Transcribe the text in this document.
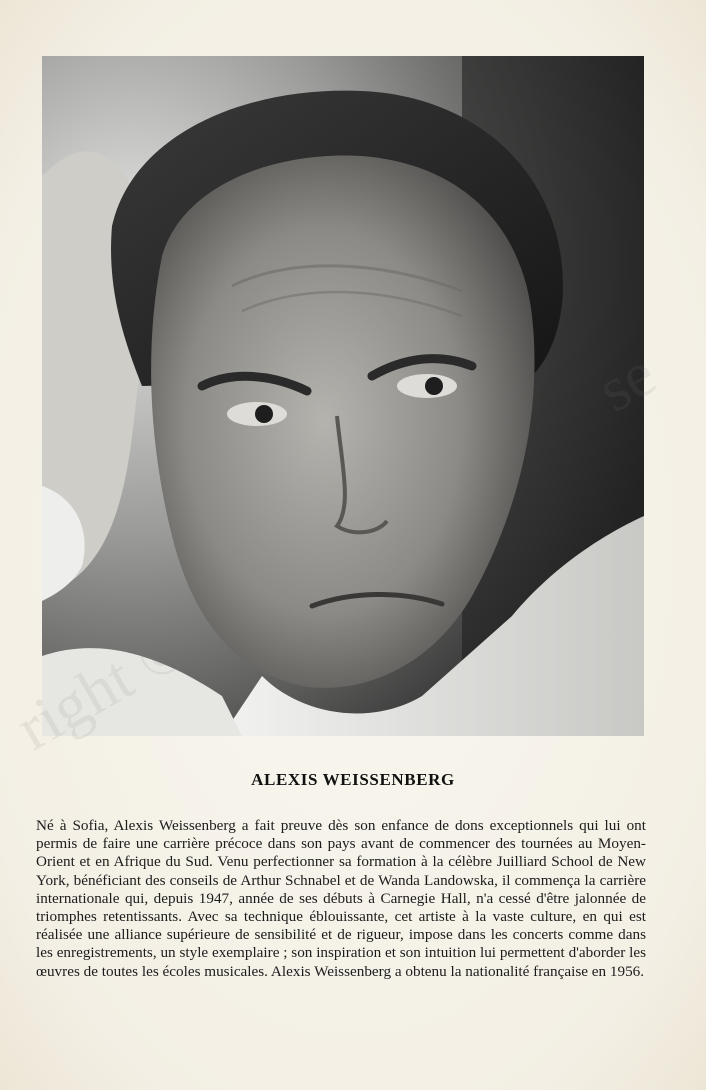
ALEXIS WEISSENBERG
Né à Sofia, Alexis Weissenberg a fait preuve dès son enfance de dons exceptionnels qui lui ont permis de faire une carrière précoce dans son pays avant de commencer des tournées au Moyen-Orient et en Afrique du Sud. Venu perfectionner sa formation à la célèbre Juilliard School de New York, bénéficiant des conseils de Arthur Schnabel et de Wanda Landowska, il commença la carrière internationale qui, depuis 1947, année de ses débuts à Carnegie Hall, n'a cessé d'être jalonnée de triomphes retentissants. Avec sa technique éblouissante, cet artiste à la vaste culture, en qui est réalisée une alliance supérieure de sensibilité et de rigueur, impose dans les concerts comme dans les enregistrements, un style exemplaire ; son inspiration et son intuition lui permettent d'aborder les œuvres de toutes les écoles musicales. Alexis Weissenberg a obtenu la nationalité française en 1956.
